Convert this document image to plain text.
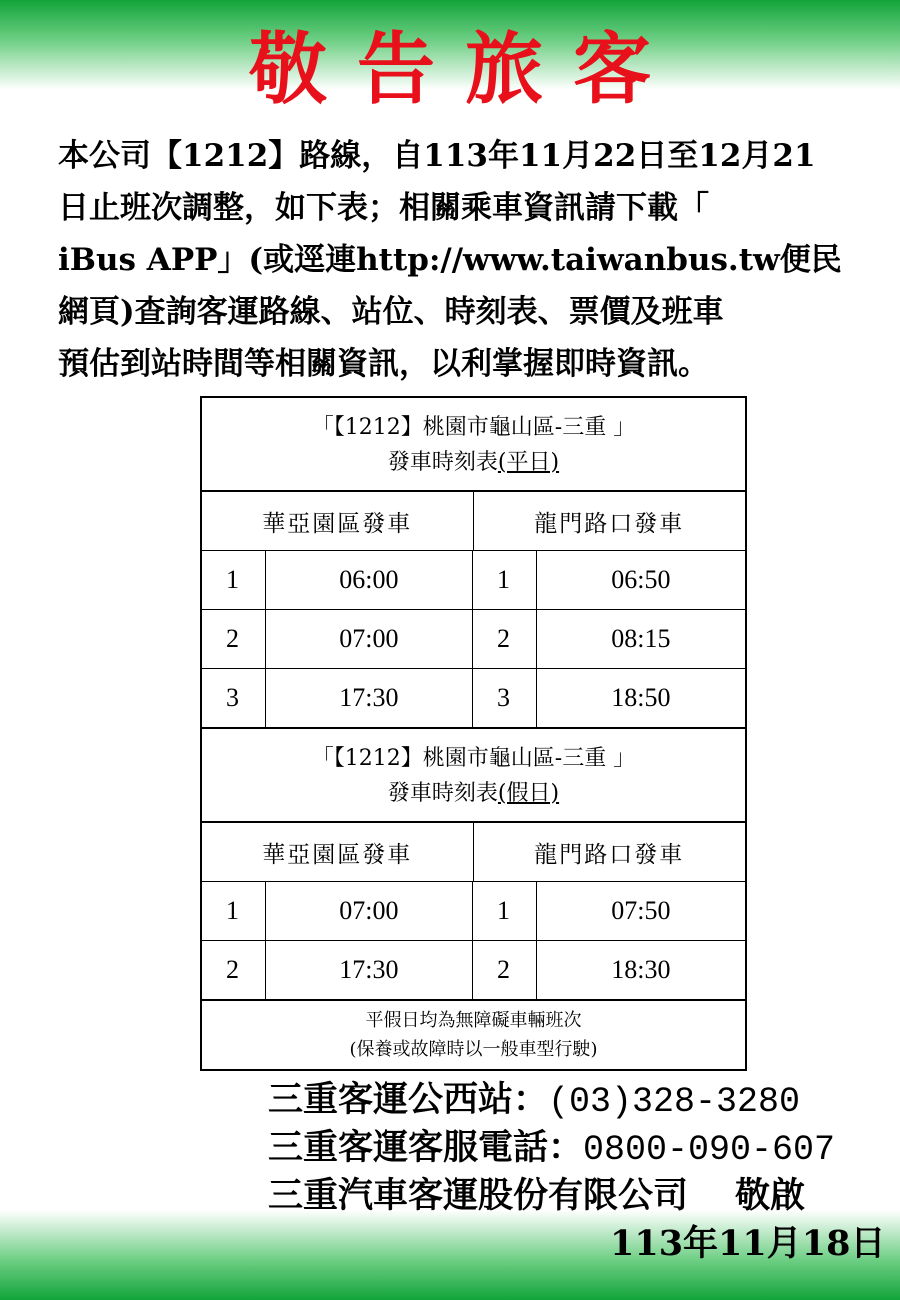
敬告旅客
本公司【1212】路線，自113年11月22日至12月21
日止班次調整，如下表；相關乘車資訊請下載「
iBus APP」(或逕連http://www.taiwanbus.tw便民
網頁)查詢客運路線、站位、時刻表、票價及班車
預估到站時間等相關資訊，以利掌握即時資訊。
「【1212】桃園市龜山區-三重 」
發車時刻表(平日)
華亞園區發車	龍門路口發車
1	06:00	1	06:50
2	07:00	2	08:15
3	17:30	3	18:50
「【1212】桃園市龜山區-三重 」
發車時刻表(假日)
華亞園區發車	龍門路口發車
1	07:00	1	07:50
2	17:30	2	18:30
平假日均為無障礙車輛班次
(保養或故障時以一般車型行駛)
三重客運公西站：(03)328-3280
三重客運客服電話：0800-090-607
三重汽車客運股份有限公司　 敬啟
113年11月18日
